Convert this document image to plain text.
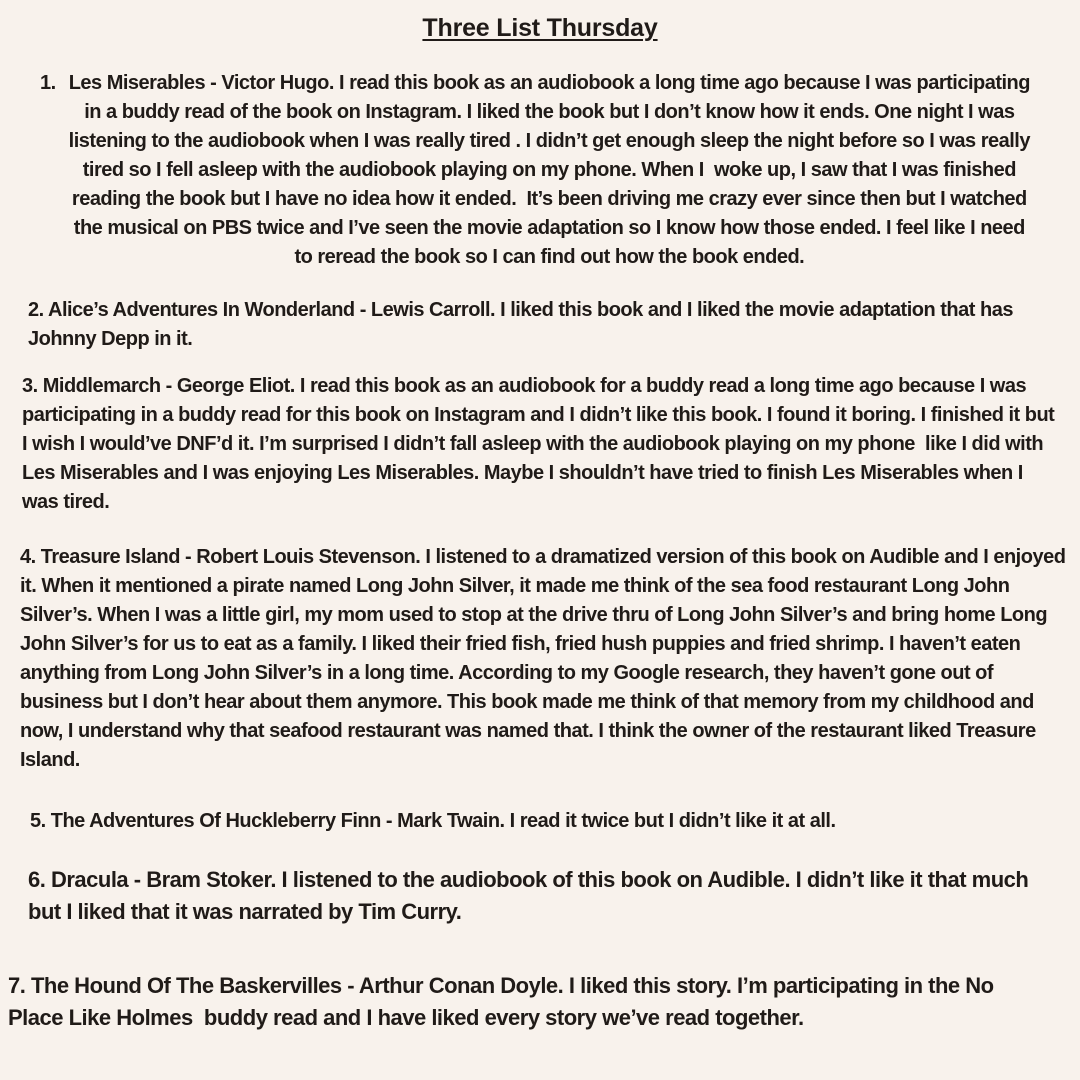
Three List Thursday
1. Les Miserables - Victor Hugo. I read this book as an audiobook a long time ago because I was participating in a buddy read of the book on Instagram. I liked the book but I don’t know how it ends. One night I was listening to the audiobook when I was really tired . I didn’t get enough sleep the night before so I was really tired so I fell asleep with the audiobook playing on my phone. When I  woke up, I saw that I was finished reading the book but I have no idea how it ended.  It’s been driving me crazy ever since then but I watched the musical on PBS twice and I’ve seen the movie adaptation so I know how those ended. I feel like I need to reread the book so I can find out how the book ended.
2. Alice’s Adventures In Wonderland - Lewis Carroll. I liked this book and I liked the movie adaptation that has Johnny Depp in it.
3. Middlemarch - George Eliot. I read this book as an audiobook for a buddy read a long time ago because I was participating in a buddy read for this book on Instagram and I didn’t like this book. I found it boring. I finished it but I wish I would’ve DNF’d it. I’m surprised I didn’t fall asleep with the audiobook playing on my phone  like I did with Les Miserables and I was enjoying Les Miserables. Maybe I shouldn’t have tried to finish Les Miserables when I was tired.
4. Treasure Island - Robert Louis Stevenson. I listened to a dramatized version of this book on Audible and I enjoyed it. When it mentioned a pirate named Long John Silver, it made me think of the sea food restaurant Long John Silver’s. When I was a little girl, my mom used to stop at the drive thru of Long John Silver’s and bring home Long John Silver’s for us to eat as a family. I liked their fried fish, fried hush puppies and fried shrimp. I haven’t eaten anything from Long John Silver’s in a long time. According to my Google research, they haven’t gone out of business but I don’t hear about them anymore. This book made me think of that memory from my childhood and now, I understand why that seafood restaurant was named that. I think the owner of the restaurant liked Treasure Island.
5. The Adventures Of Huckleberry Finn - Mark Twain. I read it twice but I didn’t like it at all.
6. Dracula - Bram Stoker. I listened to the audiobook of this book on Audible. I didn’t like it that much but I liked that it was narrated by Tim Curry.
7. The Hound Of The Baskervilles - Arthur Conan Doyle. I liked this story. I’m participating in the No Place Like Holmes  buddy read and I have liked every story we’ve read together.
